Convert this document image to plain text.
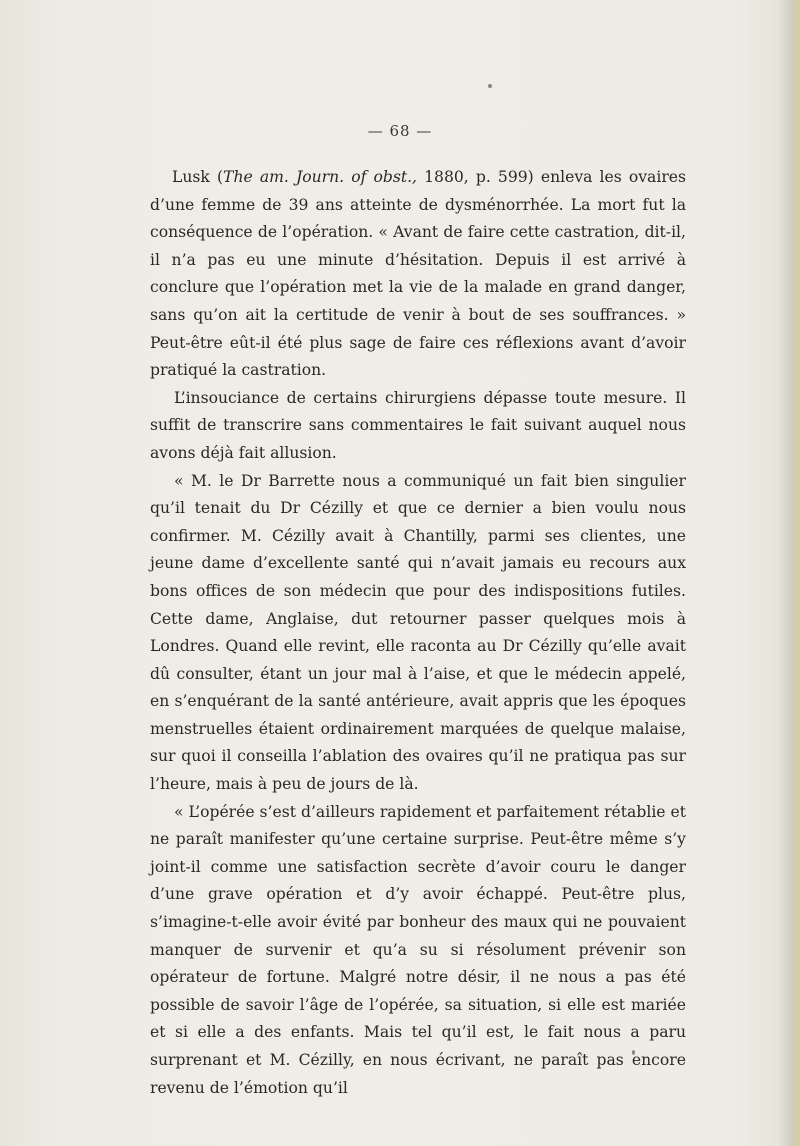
— 68 —

Lusk (The am. Journ. of obst., 1880, p. 599) enleva les ovaires d’une femme de 39 ans atteinte de dysménorrhée. La mort fut la conséquence de l’opération. « Avant de faire cette castration, dit-il, il n’a pas eu une minute d’hésitation. Depuis il est arrivé à conclure que l’opération met la vie de la malade en grand danger, sans qu’on ait la certitude de venir à bout de ses souffrances. » Peut-être eût-il été plus sage de faire ces réflexions avant d’avoir pratiqué la castration.

L’insouciance de certains chirurgiens dépasse toute mesure. Il suffit de transcrire sans commentaires le fait suivant auquel nous avons déjà fait allusion.

« M. le Dr Barrette nous a communiqué un fait bien singulier qu’il tenait du Dr Cézilly et que ce dernier a bien voulu nous confirmer. M. Cézilly avait à Chantilly, parmi ses clientes, une jeune dame d’excellente santé qui n’avait jamais eu recours aux bons offices de son médecin que pour des indispositions futiles. Cette dame, Anglaise, dut retourner passer quelques mois à Londres. Quand elle revint, elle raconta au Dr Cézilly qu’elle avait dû consulter, étant un jour mal à l’aise, et que le médecin appelé, en s’enquérant de la santé antérieure, avait appris que les époques menstruelles étaient ordinairement marquées de quelque malaise, sur quoi il conseilla l’ablation des ovaires qu’il ne pratiqua pas sur l’heure, mais à peu de jours de là.

« L’opérée s’est d’ailleurs rapidement et parfaitement rétablie et ne paraît manifester qu’une certaine surprise. Peut-être même s’y joint-il comme une satisfaction secrète d’avoir couru le danger d’une grave opération et d’y avoir échappé. Peut-être plus, s’imagine-t-elle avoir évité par bonheur des maux qui ne pouvaient manquer de survenir et qu’a su si résolument prévenir son opérateur de fortune. Malgré notre désir, il ne nous a pas été possible de savoir l’âge de l’opérée, sa situation, si elle est mariée et si elle a des enfants. Mais tel qu’il est, le fait nous a paru surprenant et M. Cézilly, en nous écrivant, ne paraît pas encore revenu de l’émotion qu’il
